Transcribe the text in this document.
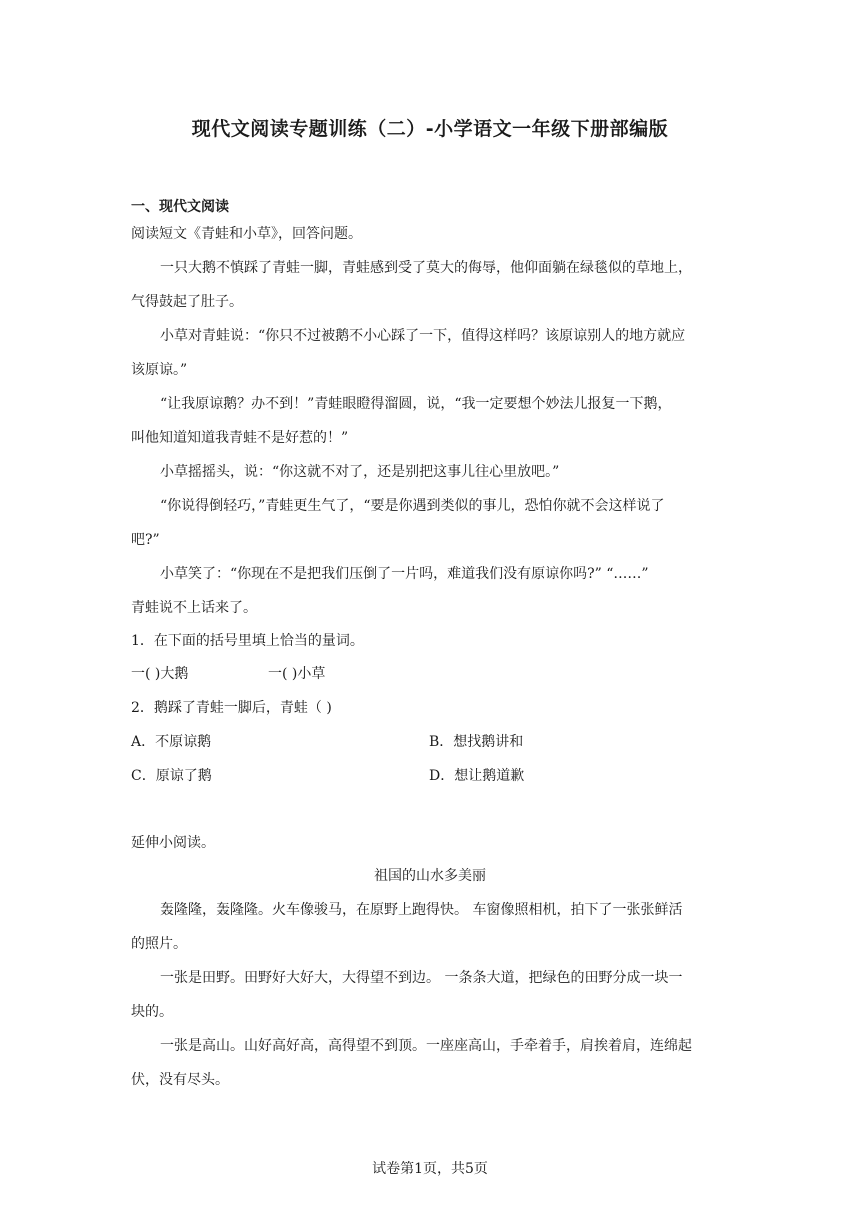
现代文阅读专题训练（二）-小学语文一年级下册部编版
一、现代文阅读
阅读短文《青蛙和小草》，回答问题。
一只大鹅不慎踩了青蛙一脚，青蛙感到受了莫大的侮辱，他仰面躺在绿毯似的草地上，
气得鼓起了肚子。
小草对青蛙说：“你只不过被鹅不小心踩了一下，值得这样吗？该原谅别人的地方就应
该原谅。”
“让我原谅鹅？办不到！”青蛙眼瞪得溜圆，说，“我一定要想个妙法儿报复一下鹅，
叫他知道知道我青蛙不是好惹的！”
小草摇摇头，说：“你这就不对了，还是别把这事儿往心里放吧。”
“你说得倒轻巧，”青蛙更生气了，“要是你遇到类似的事儿，恐怕你就不会这样说了
吧?”
小草笑了：“你现在不是把我们压倒了一片吗，难道我们没有原谅你吗?” “……”
青蛙说不上话来了。
1．在下面的括号里填上恰当的量词。
一( )大鹅	一( )小草
2．鹅踩了青蛙一脚后，青蛙（ )
A．不原谅鹅	B．想找鹅讲和
C．原谅了鹅	D．想让鹅道歉
延伸小阅读。
祖国的山水多美丽
轰隆隆，轰隆隆。火车像骏马，在原野上跑得快。 车窗像照相机，拍下了一张张鲜活
的照片。
一张是田野。田野好大好大，大得望不到边。 一条条大道，把绿色的田野分成一块一
块的。
一张是高山。山好高好高，高得望不到顶。一座座高山，手牵着手，肩挨着肩，连绵起
伏，没有尽头。
试卷第1页，共5页
